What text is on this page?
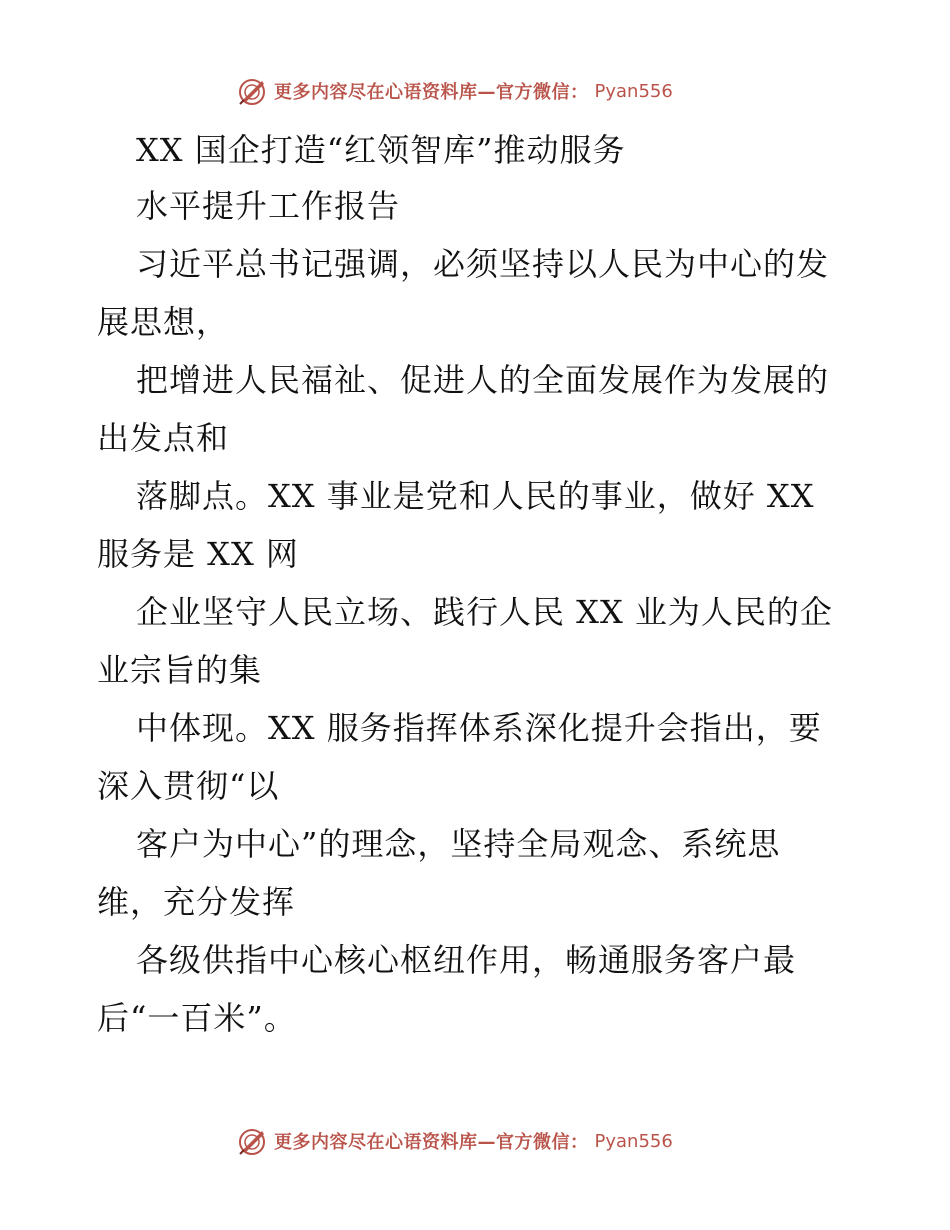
更多内容尽在心语资料库—官方微信： Pyan556
XX 国企打造“红领智库”推动服务
水平提升工作报告
习近平总书记强调，必须坚持以人民为中心的发
展思想，
把增进人民福祉、促进人的全面发展作为发展的
出发点和
落脚点。XX 事业是党和人民的事业，做好 XX
服务是 XX 网
企业坚守人民立场、践行人民 XX 业为人民的企
业宗旨的集
中体现。XX 服务指挥体系深化提升会指出，要
深入贯彻“以
客户为中心”的理念，坚持全局观念、系统思
维，充分发挥
各级供指中心核心枢纽作用，畅通服务客户最
后“一百米”。
更多内容尽在心语资料库—官方微信： Pyan556
